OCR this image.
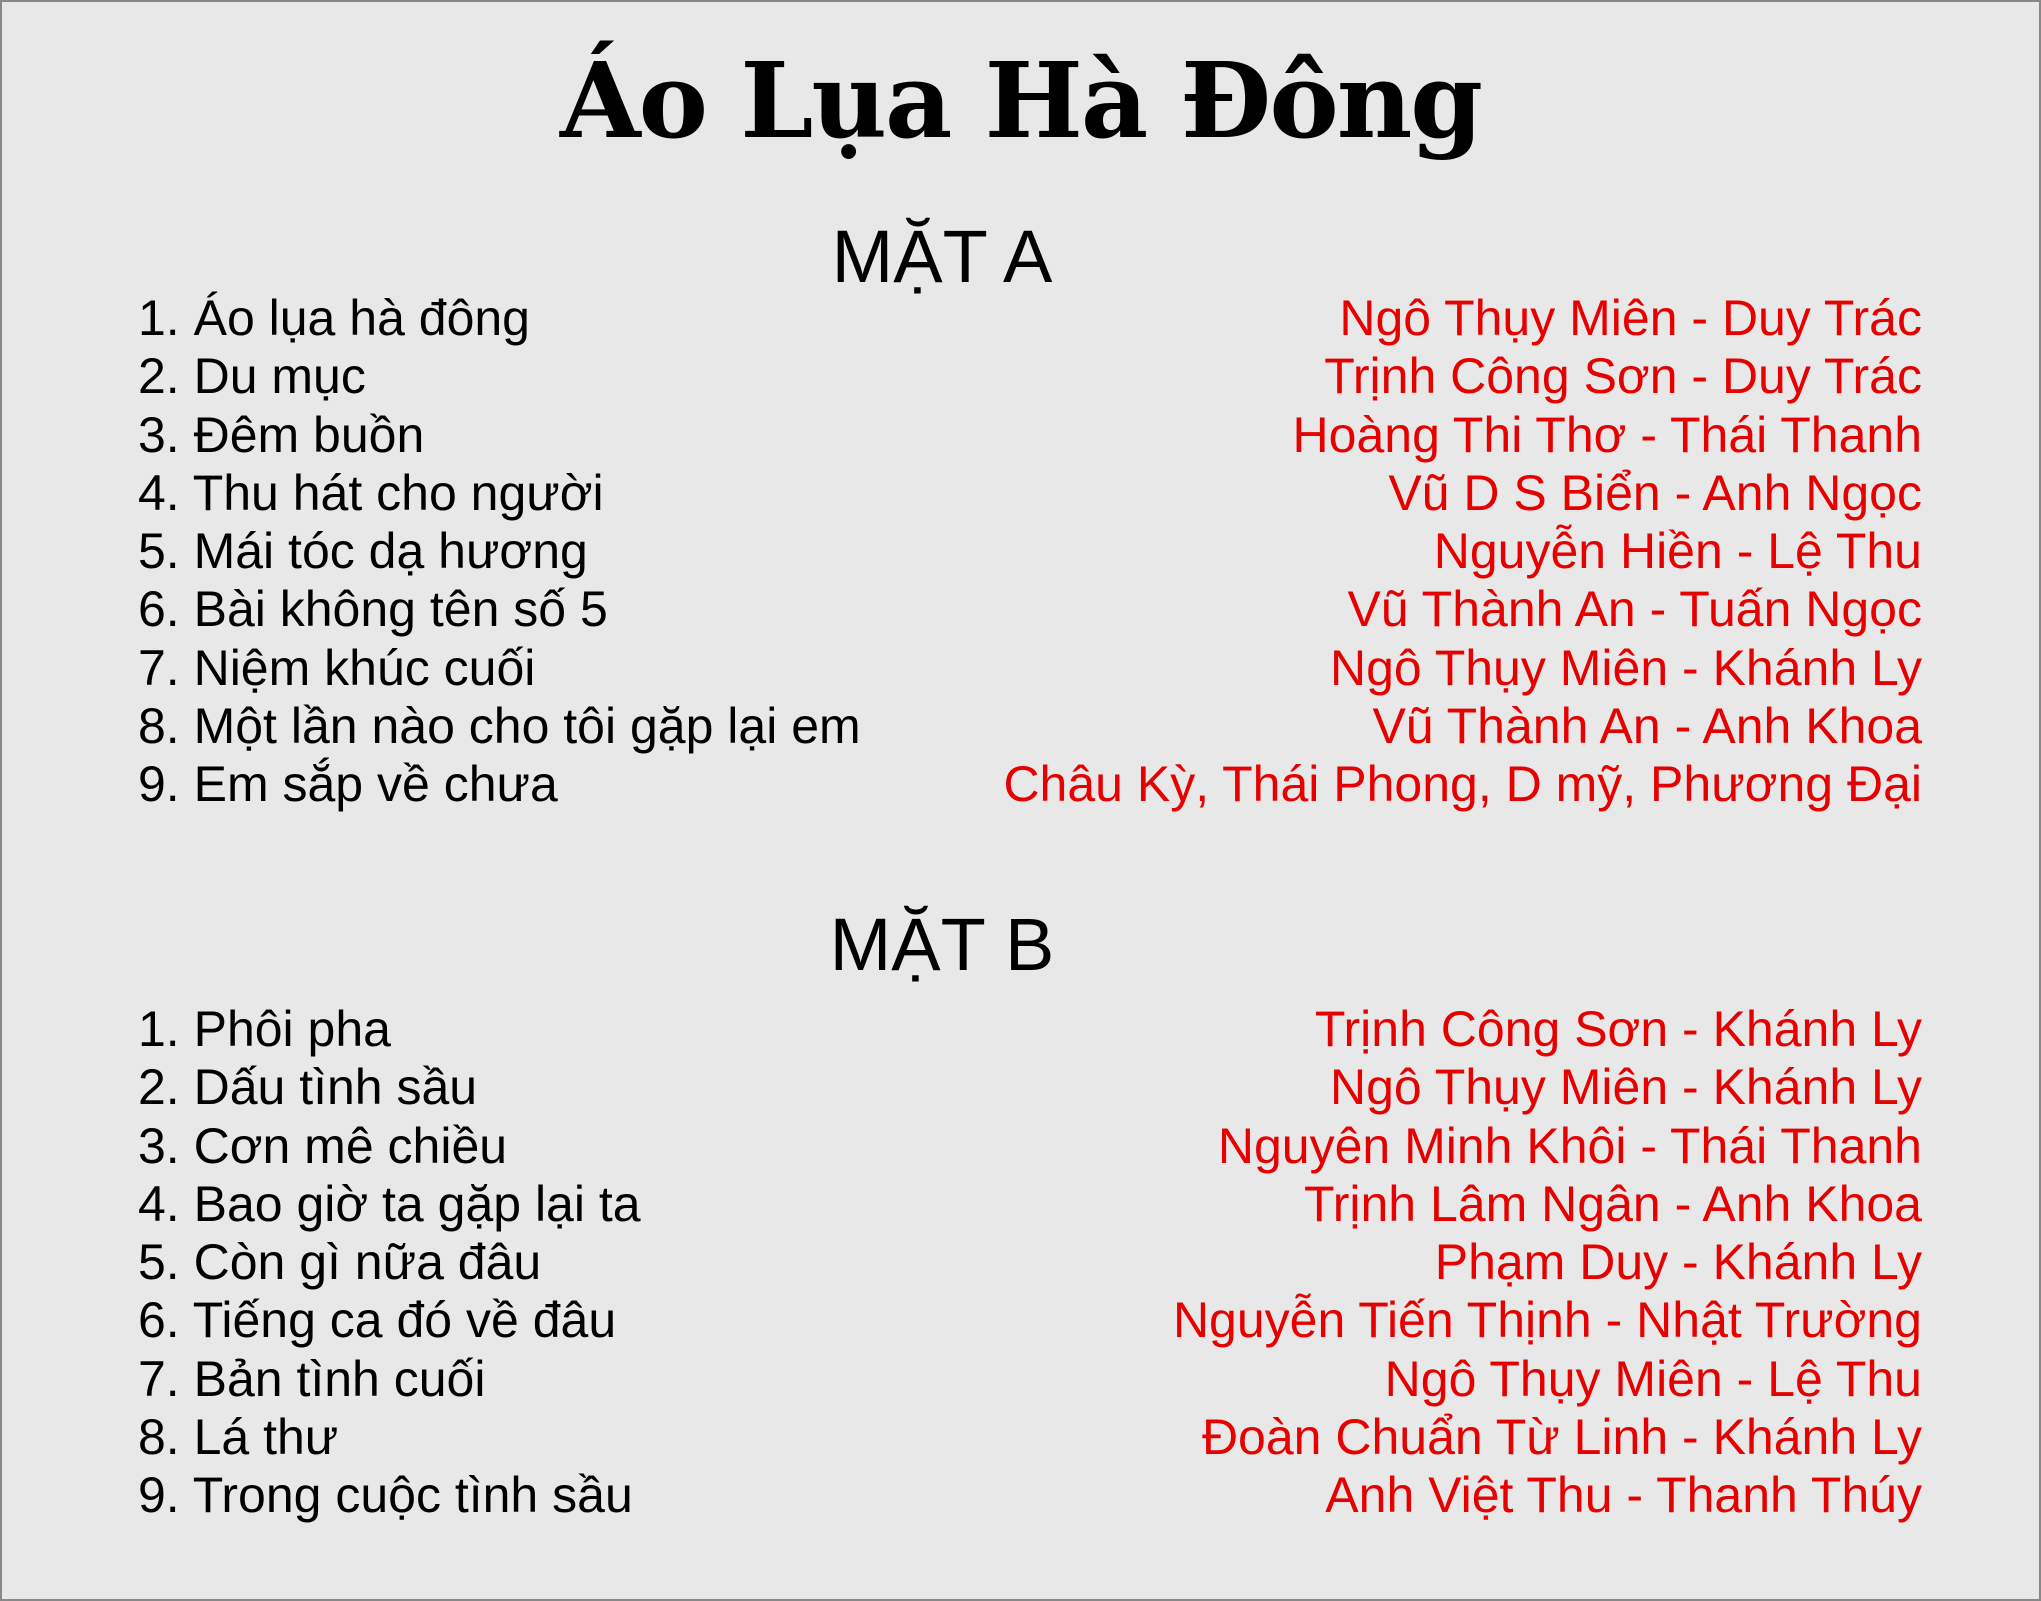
Áo Lụa Hà Đông
MẶT A
1. Áo lụa hà đông	Ngô Thụy Miên - Duy Trác
2. Du mục	Trịnh Công Sơn - Duy Trác
3. Đêm buồn	Hoàng Thi Thơ - Thái Thanh
4. Thu hát cho người	Vũ D S Biển - Anh Ngọc
5. Mái tóc dạ hương	Nguyễn Hiền - Lệ Thu
6. Bài không tên số 5	Vũ Thành An - Tuấn Ngọc
7. Niệm khúc cuối	Ngô Thụy Miên - Khánh Ly
8. Một lần nào cho tôi gặp lại em	Vũ Thành An - Anh Khoa
9. Em sắp về chưa	Châu Kỳ, Thái Phong, D mỹ, Phương Đại
MẶT B
1. Phôi pha	Trịnh Công Sơn - Khánh Ly
2. Dấu tình sầu	Ngô Thụy Miên - Khánh Ly
3. Cơn mê chiều	Nguyên Minh Khôi - Thái Thanh
4. Bao giờ ta gặp lại ta	Trịnh Lâm Ngân - Anh Khoa
5. Còn gì nữa đâu	Phạm Duy - Khánh Ly
6. Tiếng ca đó về đâu	Nguyễn Tiến Thịnh - Nhật Trường
7. Bản tình cuối	Ngô Thụy Miên - Lệ Thu
8. Lá thư	Đoàn Chuẩn Từ Linh - Khánh Ly
9. Trong cuộc tình sầu	Anh Việt Thu - Thanh Thúy
